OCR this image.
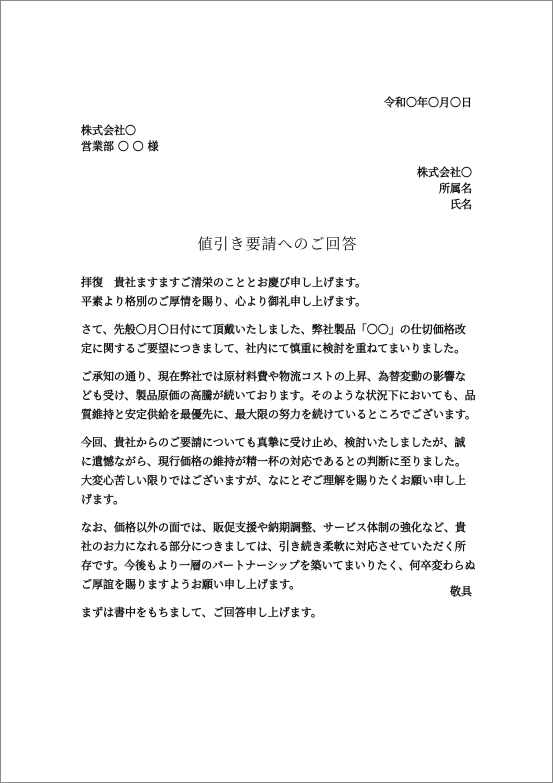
令和〇年〇月〇日
株式会社〇
営業部 〇 〇 様
株式会社〇
所属名
氏名
値引き要請へのご回答

拝復　貴社ますますご清栄のこととお慶び申し上げます。
平素より格別のご厚情を賜り、心より御礼申し上げます。

さて、先般〇月〇日付にて頂戴いたしました、弊社製品「〇〇」の仕切価格改定に関するご要望につきまして、社内にて慎重に検討を重ねてまいりました。

ご承知の通り、現在弊社では原材料費や物流コストの上昇、為替変動の影響なども受け、製品原価の高騰が続いております。そのような状況下においても、品質維持と安定供給を最優先に、最大限の努力を続けているところでございます。

今回、貴社からのご要請についても真摯に受け止め、検討いたしましたが、誠に遺憾ながら、現行価格の維持が精一杯の対応であるとの判断に至りました。大変心苦しい限りではございますが、なにとぞご理解を賜りたくお願い申し上げます。

なお、価格以外の面では、販促支援や納期調整、サービス体制の強化など、貴社のお力になれる部分につきましては、引き続き柔軟に対応させていただく所存です。今後もより一層のパートナーシップを築いてまいりたく、何卒変わらぬご厚誼を賜りますようお願い申し上げます。

まずは書中をもちまして、ご回答申し上げます。

敬具
